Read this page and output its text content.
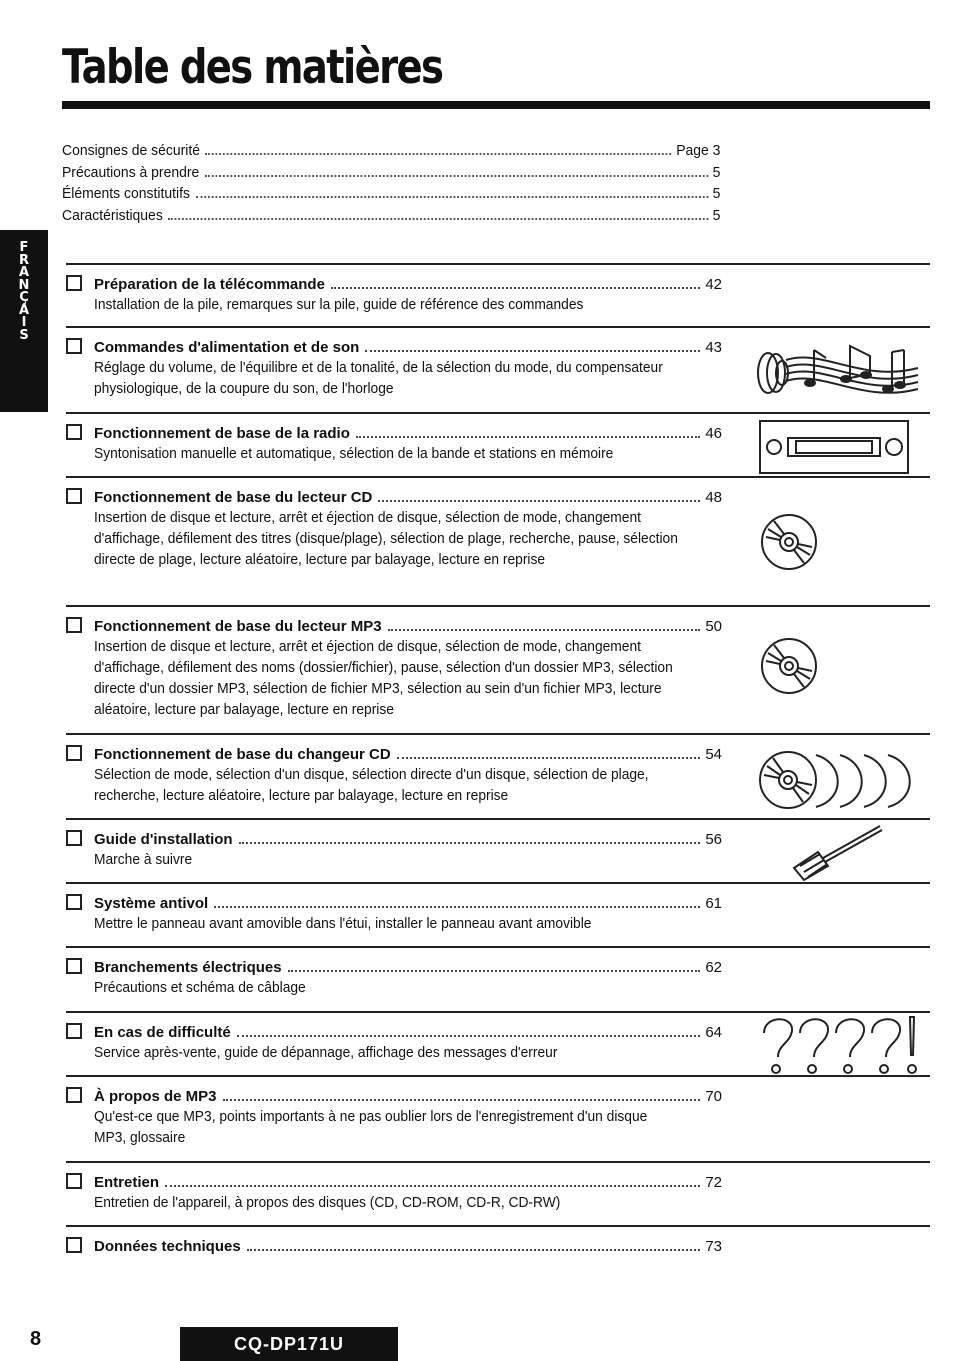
Table des matières
F
R
A
N
Ç
A
I
S
Consignes de sécurité	Page 3
Précautions à prendre	5
Éléments constitutifs	5
Caractéristiques	5
Préparation de la télécommande	42
Installation de la pile, remarques sur la pile, guide de référence des commandes
Commandes d'alimentation et de son	43
Réglage du volume, de l'équilibre et de la tonalité, de la sélection du mode, du compensateur physiologique, de la coupure du son, de l'horloge
Fonctionnement de base de la radio	46
Syntonisation manuelle et automatique, sélection de la bande et stations en mémoire
Fonctionnement de base du lecteur CD	48
Insertion de disque et lecture, arrêt et éjection de disque, sélection de mode, changement d'affichage, défilement des titres (disque/plage), sélection de plage, recherche, pause, sélection directe de plage, lecture aléatoire, lecture par balayage, lecture en reprise
Fonctionnement de base du lecteur MP3	50
Insertion de disque et lecture, arrêt et éjection de disque, sélection de mode, changement d'affichage, défilement des noms (dossier/fichier), pause, sélection d'un dossier MP3, sélection directe d'un dossier MP3, sélection de fichier MP3, sélection au sein d'un fichier MP3, lecture aléatoire, lecture par balayage, lecture en reprise
Fonctionnement de base du changeur CD	54
Sélection de mode, sélection d'un disque, sélection directe d'un disque, sélection de plage, recherche, lecture aléatoire, lecture par balayage, lecture en reprise
Guide d'installation	56
Marche à suivre
Système antivol	61
Mettre le panneau avant amovible dans l'étui, installer le panneau avant amovible
Branchements électriques	62
Précautions et schéma de câblage
En cas de difficulté	64
Service après-vente, guide de dépannage, affichage des messages d'erreur
À propos de MP3	70
Qu'est-ce que MP3, points importants à ne pas oublier lors de l'enregistrement d'un disque MP3, glossaire
Entretien	72
Entretien de l'appareil, à propos des disques (CD, CD-ROM, CD-R, CD-RW)
Données techniques	73
8	CQ-DP171U
